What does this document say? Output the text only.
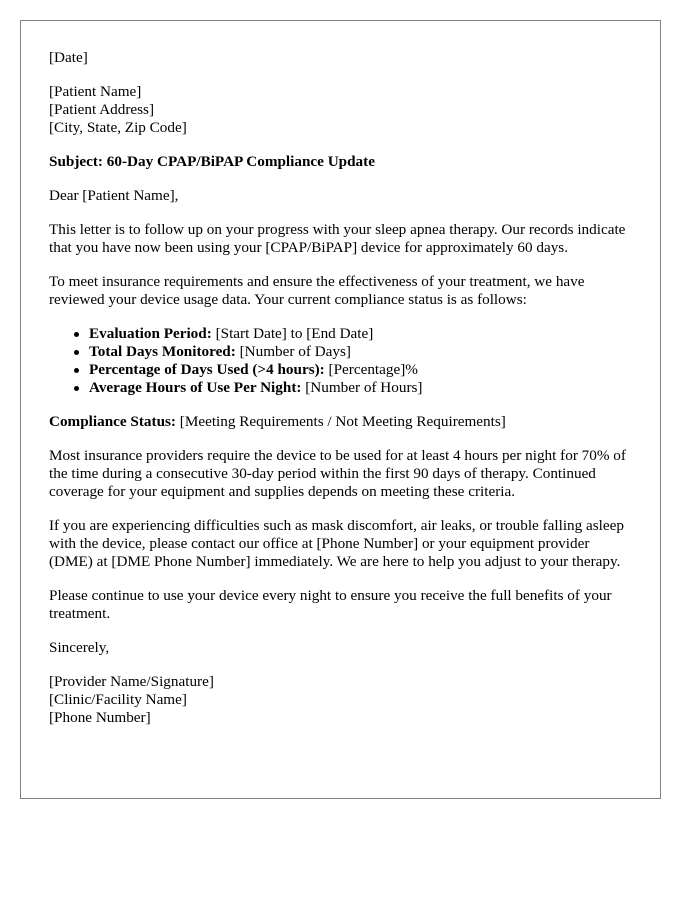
[Date]
[Patient Name]
[Patient Address]
[City, State, Zip Code]

Subject: 60-Day CPAP/BiPAP Compliance Update

Dear [Patient Name],

This letter is to follow up on your progress with your sleep apnea therapy. Our records indicate that you have now been using your [CPAP/BiPAP] device for approximately 60 days.

To meet insurance requirements and ensure the effectiveness of your treatment, we have reviewed your device usage data. Your current compliance status is as follows:

Evaluation Period: [Start Date] to [End Date]
Total Days Monitored: [Number of Days]
Percentage of Days Used (>4 hours): [Percentage]%
Average Hours of Use Per Night: [Number of Hours]

Compliance Status: [Meeting Requirements / Not Meeting Requirements]

Most insurance providers require the device to be used for at least 4 hours per night for 70% of the time during a consecutive 30-day period within the first 90 days of therapy. Continued coverage for your equipment and supplies depends on meeting these criteria.

If you are experiencing difficulties such as mask discomfort, air leaks, or trouble falling asleep with the device, please contact our office at [Phone Number] or your equipment provider (DME) at [DME Phone Number] immediately. We are here to help you adjust to your therapy.

Please continue to use your device every night to ensure you receive the full benefits of your treatment.

Sincerely,

[Provider Name/Signature]
[Clinic/Facility Name]
[Phone Number]
